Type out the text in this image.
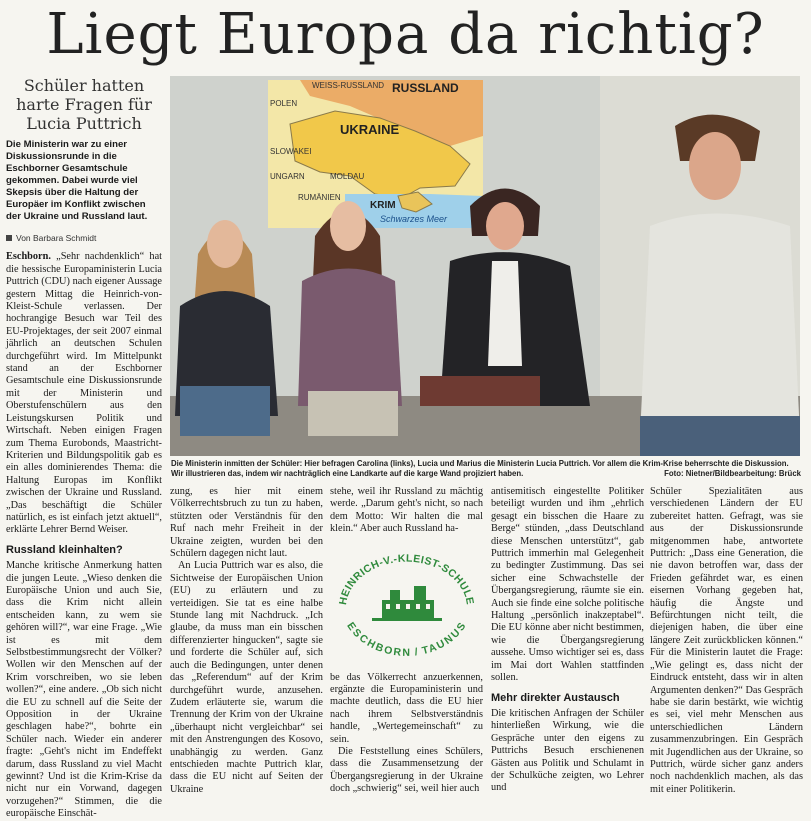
Liegt Europa da richtig?
Schüler hatten harte Fragen für Lucia Puttrich

Die Ministerin war zu einer Diskussionsrunde in die Eschborner Gesamtschule gekommen. Dabei wurde viel Skepsis über die Haltung der Europäer im Konflikt zwischen der Ukraine und Russland laut.

Von Barbara Schmidt

Eschborn. „Sehr nachdenklich“ hat die hessische Europaministerin Lucia Puttrich (CDU) nach eigener Aussage gestern Mittag die Heinrich-von-Kleist-Schule verlassen. Der hochrangige Besuch war Teil des EU-Projektages, der seit 2007 einmal jährlich an deutschen Schulen durchgeführt wird. Im Mittelpunkt stand an der Eschborner Gesamtschule eine Diskussionsrunde mit der Ministerin und Oberstufenschülern aus den Leistungskursen Politik und Wirtschaft. Neben einigen Fragen zum Thema Eurobonds, Maastricht-Kriterien und Bildungspolitik gab es ein alles dominierendes Thema: die Haltung Europas im Konflikt zwischen der Ukraine und Russland. „Das beschäftigt die Schüler natürlich, es ist einfach jetzt aktuell“, erklärte Lehrer Bernd Weiser.

Russland kleinhalten?

Manche kritische Anmerkung hatten die jungen Leute. „Wieso denken die Europäische Union und auch Sie, dass die Krim nicht allein entscheiden kann, zu wem sie gehören will?“, war eine Frage. „Wie ist es mit dem Selbstbestimmungsrecht der Völker? Wollen wir den Menschen auf der Krim vorschreiben, wo sie leben wollen?“, eine andere. „Ob sich nicht die EU zu schnell auf die Seite der Opposition in der Ukraine geschlagen habe?“, bohrte ein Schüler nach. Wieder ein anderer fragte: „Geht's nicht im Endeffekt darum, dass Russland zu viel Macht gewinnt? Und ist die Krim-Krise da nicht nur ein Vorwand, dagegen vorzugehen?“ Stimmen, die die europäische Einschät-

RUSSLAND
WEISS-RUSSLAND
POLEN
UKRAINE
SLOWAKEI
UNGARN	MOLDAU
RUMÄNIEN
KRIM
Schwarzes Meer
Die Ministerin inmitten der Schüler: Hier befragen Carolina (links), Lucia und Marius die Ministerin Lucia Puttrich. Vor allem die Krim-Krise beherrschte die Diskussion. Wir illustrieren das, indem wir nachträglich eine Landkarte auf die karge Wand projiziert haben.	Foto: Nietner/Bildbearbeitung: Brück

zung, es hier mit einem Völkerrechtsbruch zu tun zu haben, stützten oder Verständnis für den Ruf nach mehr Freiheit in der Ukraine zeigten, wurden bei den Schülern dagegen nicht laut.

An Lucia Puttrich war es also, die Sichtweise der Europäischen Union (EU) zu erläutern und zu verteidigen. Sie tat es eine halbe Stunde lang mit Nachdruck. „Ich glaube, da muss man ein bisschen differenzierter hingucken“, sagte sie und forderte die Schüler auf, sich auch die Bedingungen, unter denen das „Referendum“ auf der Krim durchgeführt wurde, anzusehen. Zudem erläuterte sie, warum die Trennung der Krim von der Ukraine „überhaupt nicht vergleichbar“ sei mit den Anstrengungen des Kosovo, unabhängig zu werden. Ganz entschieden machte Puttrich klar, dass die EU nicht auf Seiten der Ukraine

stehe, weil ihr Russland zu mächtig werde. „Darum geht's nicht, so nach dem Motto: Wir halten die mal klein.“ Aber auch Russland ha-

HEINRICH-V.-KLEIST-SCHULE
ESCHBORN / TAUNUS

be das Völkerrecht anzuerkennen, ergänzte die Europaministerin und machte deutlich, dass die EU hier nach ihrem Selbstverständnis handle, „Wertegemeinschaft“ zu sein.

Die Feststellung eines Schülers, dass die Zusammensetzung der Übergangsregierung in der Ukraine doch „schwierig“ sei, weil hier auch

antisemitisch eingestellte Politiker beteiligt wurden und ihm „ehrlich gesagt ein bisschen die Haare zu Berge“ stünden, „dass Deutschland diese Menschen unterstützt“, gab Puttrich immerhin mal Gelegenheit zu bedingter Zustimmung. Das sei sicher eine Schwachstelle der Übergangsregierung, räumte sie ein. Auch sie finde eine solche politische Haltung „persönlich inakzeptabel“. Die EU könne aber nicht bestimmen, wie die Übergangsregierung aussehe. Umso wichtiger sei es, dass im Mai dort Wahlen stattfinden sollen.

Mehr direkter Austausch

Die kritischen Anfragen der Schüler hinterließen Wirkung, wie die Gespräche unter den eigens zu Puttrichs Besuch erschienenen Gästen aus Politik und Schulamt in der Schulküche zeigten, wo Lehrer und

Schüler Spezialitäten aus verschiedenen Ländern der EU zubereitet hatten. Gefragt, was sie aus der Diskussionsrunde mitgenommen habe, antwortete Puttrich: „Dass eine Generation, die nie davon betroffen war, dass der Frieden gefährdet war, es einen eisernen Vorhang gegeben hat, häufig die Ängste und Befürchtungen nicht teilt, die diejenigen haben, die über eine längere Zeit zurückblicken können.“ Für die Ministerin lautet die Frage: „Wie gelingt es, dass nicht der Eindruck entsteht, dass wir in alten Argumenten denken?“ Das Gespräch habe sie darin bestärkt, wie wichtig es sei, viel mehr Menschen aus unterschiedlichen Ländern zusammenzubringen. Ein Gespräch mit Jugendlichen aus der Ukraine, so Puttrich, würde sicher ganz anders noch nachdenklich machen, als das mit einer Politikerin.
